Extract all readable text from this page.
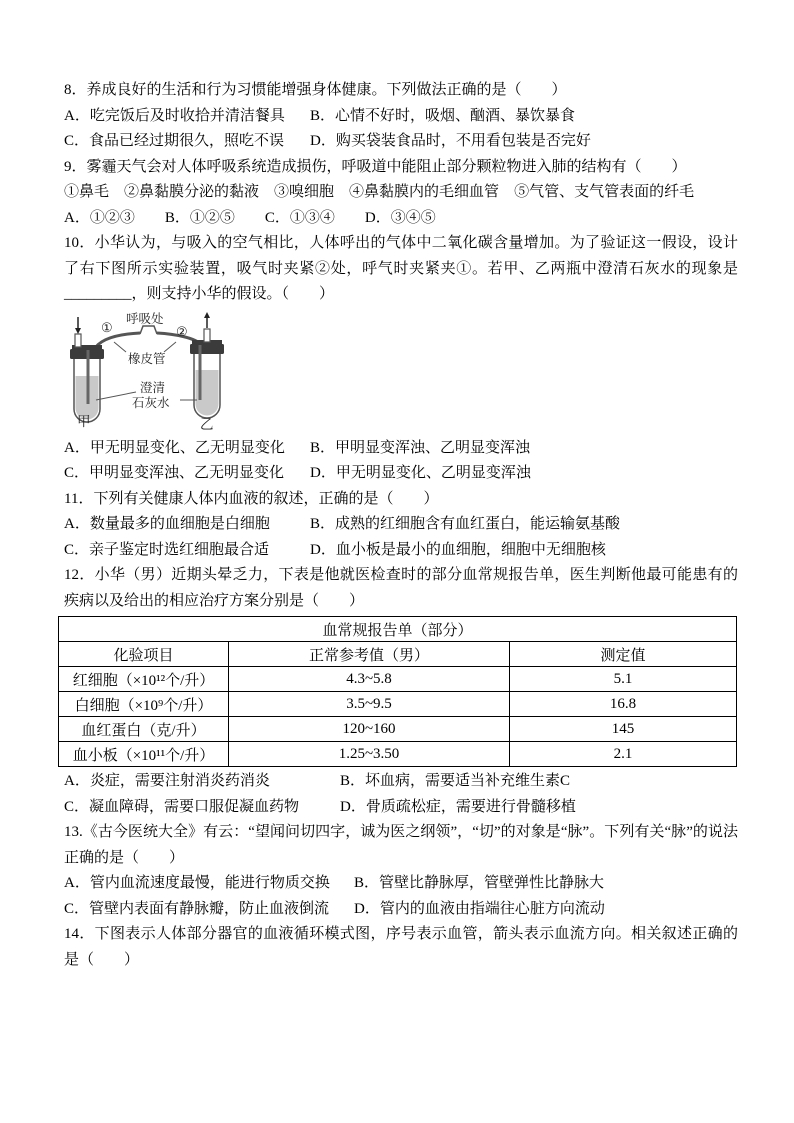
8．养成良好的生活和行为习惯能增强身体健康。下列做法正确的是（　　）

A．吃完饭后及时收拾并清洁餐具	B．心情不好时，吸烟、酗酒、暴饮暴食
C．食品已经过期很久，照吃不误	D．购买袋装食品时，不用看包装是否完好

9．雾霾天气会对人体呼吸系统造成损伤，呼吸道中能阻止部分颗粒物进入肺的结构有（　　）

①鼻毛 ②鼻黏膜分泌的黏液 ③嗅细胞 ④鼻黏膜内的毛细血管 ⑤气管、支气管表面的纤毛
A．①②③ B．①②⑤ C．①③④ D．③④⑤

10．小华认为，与吸入的空气相比，人体呼出的气体中二氧化碳含量增加。为了验证这一假设，设计了右下图所示实验装置，吸气时夹紧②处，呼气时夹紧夹①。若甲、乙两瓶中澄清石灰水的现象是_________，则支持小华的假设。（　　）

呼吸处
①	②
橡皮管
澄清
石灰水
甲	乙
A．甲无明显变化、乙无明显变化	B．甲明显变浑浊、乙明显变浑浊
C．甲明显变浑浊、乙无明显变化	D．甲无明显变化、乙明显变浑浊

11．下列有关健康人体内血液的叙述，正确的是（　　）

A．数量最多的血细胞是白细胞	B．成熟的红细胞含有血红蛋白，能运输氨基酸
C．亲子鉴定时选红细胞最合适	D．血小板是最小的血细胞，细胞中无细胞核

12．小华（男）近期头晕乏力，下表是他就医检查时的部分血常规报告单，医生判断他最可能患有的疾病以及给出的相应治疗方案分别是（　　）

血常规报告单（部分）		
化验项目	正常参考值（男）	测定值
红细胞（×10¹²个/升）	4.3~5.8	5.1
白细胞（×10⁹个/升）	3.5~9.5	16.8
血红蛋白（克/升）	120~160	145
血小板（×10¹¹个/升）	1.25~3.50	2.1
A．炎症，需要注射消炎药消炎	B．坏血病，需要适当补充维生素C
C．凝血障碍，需要口服促凝血药物	D．骨质疏松症，需要进行骨髓移植

13.《古今医统大全》有云：“望闻问切四字，诚为医之纲领”，“切”的对象是“脉”。下列有关“脉”的说法正确的是（　　）

A．管内血流速度最慢，能进行物质交换	B．管壁比静脉厚，管壁弹性比静脉大
C．管壁内表面有静脉瓣，防止血液倒流	D．管内的血液由指端往心脏方向流动

14．下图表示人体部分器官的血液循环模式图，序号表示血管，箭头表示血流方向。相关叙述正确的是（　　）
